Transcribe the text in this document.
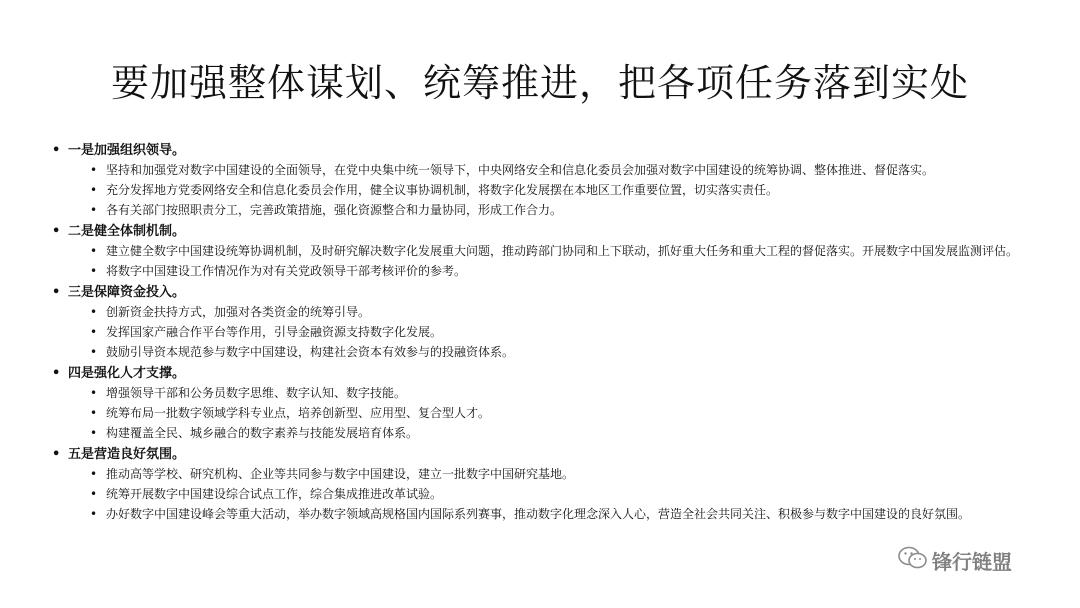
要加强整体谋划、统筹推进，把各项任务落到实处
• 一是加强组织领导。
• 坚持和加强党对数字中国建设的全面领导，在党中央集中统一领导下，中央网络安全和信息化委员会加强对数字中国建设的统筹协调、整体推进、督促落实。
• 充分发挥地方党委网络安全和信息化委员会作用，健全议事协调机制，将数字化发展摆在本地区工作重要位置，切实落实责任。
• 各有关部门按照职责分工，完善政策措施，强化资源整合和力量协同，形成工作合力。
• 二是健全体制机制。
• 建立健全数字中国建设统筹协调机制，及时研究解决数字化发展重大问题，推动跨部门协同和上下联动，抓好重大任务和重大工程的督促落实。开展数字中国发展监测评估。
• 将数字中国建设工作情况作为对有关党政领导干部考核评价的参考。
• 三是保障资金投入。
• 创新资金扶持方式，加强对各类资金的统筹引导。
• 发挥国家产融合作平台等作用，引导金融资源支持数字化发展。
• 鼓励引导资本规范参与数字中国建设，构建社会资本有效参与的投融资体系。
• 四是强化人才支撑。
• 增强领导干部和公务员数字思维、数字认知、数字技能。
• 统筹布局一批数字领域学科专业点，培养创新型、应用型、复合型人才。
• 构建覆盖全民、城乡融合的数字素养与技能发展培育体系。
• 五是营造良好氛围。
• 推动高等学校、研究机构、企业等共同参与数字中国建设，建立一批数字中国研究基地。
• 统筹开展数字中国建设综合试点工作，综合集成推进改革试验。
• 办好数字中国建设峰会等重大活动，举办数字领域高规格国内国际系列赛事，推动数字化理念深入人心，营造全社会共同关注、积极参与数字中国建设的良好氛围。
锋行链盟
